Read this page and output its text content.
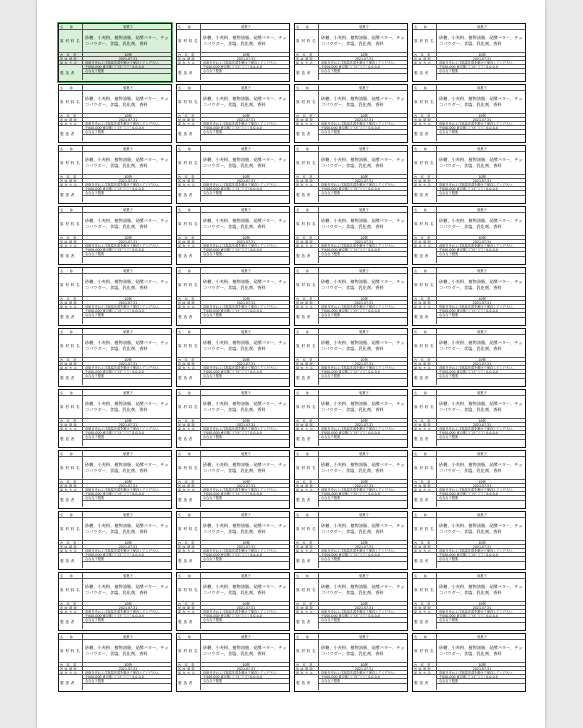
名　　称	焼菓子
原 材 料 名
砂糖、小麦粉、植物油脂、発酵バター、チョコパウダー、食塩、乳化剤、香料
内　容　量	10個
賞 味 期 限	2021.07.31
保 存 方 法	直射日光および高温多湿を避けて保存してください。
製 造 者
〒000-000 東京都〇〇区〇〇〇 0-0-0-0
ななな下製菓
名　　称	焼菓子
原 材 料 名
砂糖、小麦粉、植物油脂、発酵バター、チョコパウダー、食塩、乳化剤、香料
内　容　量	10個
賞 味 期 限	2021.07.31
保 存 方 法	直射日光および高温多湿を避けて保存してください。
製 造 者
〒000-000 東京都〇〇区〇〇〇 0-0-0-0
ななな下製菓
名　　称	焼菓子
原 材 料 名
砂糖、小麦粉、植物油脂、発酵バター、チョコパウダー、食塩、乳化剤、香料
内　容　量	10個
賞 味 期 限	2021.07.31
保 存 方 法	直射日光および高温多湿を避けて保存してください。
製 造 者
〒000-000 東京都〇〇区〇〇〇 0-0-0-0
ななな下製菓
名　　称	焼菓子
原 材 料 名
砂糖、小麦粉、植物油脂、発酵バター、チョコパウダー、食塩、乳化剤、香料
内　容　量	10個
賞 味 期 限	2021.07.31
保 存 方 法	直射日光および高温多湿を避けて保存してください。
製 造 者
〒000-000 東京都〇〇区〇〇〇 0-0-0-0
ななな下製菓
名　　称	焼菓子
原 材 料 名
砂糖、小麦粉、植物油脂、発酵バター、チョコパウダー、食塩、乳化剤、香料
内　容　量	10個
賞 味 期 限	2021.07.31
保 存 方 法	直射日光および高温多湿を避けて保存してください。
製 造 者
〒000-000 東京都〇〇区〇〇〇 0-0-0-0
ななな下製菓
名　　称	焼菓子
原 材 料 名
砂糖、小麦粉、植物油脂、発酵バター、チョコパウダー、食塩、乳化剤、香料
内　容　量	10個
賞 味 期 限	2021.07.31
保 存 方 法	直射日光および高温多湿を避けて保存してください。
製 造 者
〒000-000 東京都〇〇区〇〇〇 0-0-0-0
ななな下製菓
名　　称	焼菓子
原 材 料 名
砂糖、小麦粉、植物油脂、発酵バター、チョコパウダー、食塩、乳化剤、香料
内　容　量	10個
賞 味 期 限	2021.07.31
保 存 方 法	直射日光および高温多湿を避けて保存してください。
製 造 者
〒000-000 東京都〇〇区〇〇〇 0-0-0-0
ななな下製菓
名　　称	焼菓子
原 材 料 名
砂糖、小麦粉、植物油脂、発酵バター、チョコパウダー、食塩、乳化剤、香料
内　容　量	10個
賞 味 期 限	2021.07.31
保 存 方 法	直射日光および高温多湿を避けて保存してください。
製 造 者
〒000-000 東京都〇〇区〇〇〇 0-0-0-0
ななな下製菓
名　　称	焼菓子
原 材 料 名
砂糖、小麦粉、植物油脂、発酵バター、チョコパウダー、食塩、乳化剤、香料
内　容　量	10個
賞 味 期 限	2021.07.31
保 存 方 法	直射日光および高温多湿を避けて保存してください。
製 造 者
〒000-000 東京都〇〇区〇〇〇 0-0-0-0
ななな下製菓
名　　称	焼菓子
原 材 料 名
砂糖、小麦粉、植物油脂、発酵バター、チョコパウダー、食塩、乳化剤、香料
内　容　量	10個
賞 味 期 限	2021.07.31
保 存 方 法	直射日光および高温多湿を避けて保存してください。
製 造 者
〒000-000 東京都〇〇区〇〇〇 0-0-0-0
ななな下製菓
名　　称	焼菓子
原 材 料 名
砂糖、小麦粉、植物油脂、発酵バター、チョコパウダー、食塩、乳化剤、香料
内　容　量	10個
賞 味 期 限	2021.07.31
保 存 方 法	直射日光および高温多湿を避けて保存してください。
製 造 者
〒000-000 東京都〇〇区〇〇〇 0-0-0-0
ななな下製菓
名　　称	焼菓子
原 材 料 名
砂糖、小麦粉、植物油脂、発酵バター、チョコパウダー、食塩、乳化剤、香料
内　容　量	10個
賞 味 期 限	2021.07.31
保 存 方 法	直射日光および高温多湿を避けて保存してください。
製 造 者
〒000-000 東京都〇〇区〇〇〇 0-0-0-0
ななな下製菓
名　　称	焼菓子
原 材 料 名
砂糖、小麦粉、植物油脂、発酵バター、チョコパウダー、食塩、乳化剤、香料
内　容　量	10個
賞 味 期 限	2021.07.31
保 存 方 法	直射日光および高温多湿を避けて保存してください。
製 造 者
〒000-000 東京都〇〇区〇〇〇 0-0-0-0
ななな下製菓
名　　称	焼菓子
原 材 料 名
砂糖、小麦粉、植物油脂、発酵バター、チョコパウダー、食塩、乳化剤、香料
内　容　量	10個
賞 味 期 限	2021.07.31
保 存 方 法	直射日光および高温多湿を避けて保存してください。
製 造 者
〒000-000 東京都〇〇区〇〇〇 0-0-0-0
ななな下製菓
名　　称	焼菓子
原 材 料 名
砂糖、小麦粉、植物油脂、発酵バター、チョコパウダー、食塩、乳化剤、香料
内　容　量	10個
賞 味 期 限	2021.07.31
保 存 方 法	直射日光および高温多湿を避けて保存してください。
製 造 者
〒000-000 東京都〇〇区〇〇〇 0-0-0-0
ななな下製菓
名　　称	焼菓子
原 材 料 名
砂糖、小麦粉、植物油脂、発酵バター、チョコパウダー、食塩、乳化剤、香料
内　容　量	10個
賞 味 期 限	2021.07.31
保 存 方 法	直射日光および高温多湿を避けて保存してください。
製 造 者
〒000-000 東京都〇〇区〇〇〇 0-0-0-0
ななな下製菓
名　　称	焼菓子
原 材 料 名
砂糖、小麦粉、植物油脂、発酵バター、チョコパウダー、食塩、乳化剤、香料
内　容　量	10個
賞 味 期 限	2021.07.31
保 存 方 法	直射日光および高温多湿を避けて保存してください。
製 造 者
〒000-000 東京都〇〇区〇〇〇 0-0-0-0
ななな下製菓
名　　称	焼菓子
原 材 料 名
砂糖、小麦粉、植物油脂、発酵バター、チョコパウダー、食塩、乳化剤、香料
内　容　量	10個
賞 味 期 限	2021.07.31
保 存 方 法	直射日光および高温多湿を避けて保存してください。
製 造 者
〒000-000 東京都〇〇区〇〇〇 0-0-0-0
ななな下製菓
名　　称	焼菓子
原 材 料 名
砂糖、小麦粉、植物油脂、発酵バター、チョコパウダー、食塩、乳化剤、香料
内　容　量	10個
賞 味 期 限	2021.07.31
保 存 方 法	直射日光および高温多湿を避けて保存してください。
製 造 者
〒000-000 東京都〇〇区〇〇〇 0-0-0-0
ななな下製菓
名　　称	焼菓子
原 材 料 名
砂糖、小麦粉、植物油脂、発酵バター、チョコパウダー、食塩、乳化剤、香料
内　容　量	10個
賞 味 期 限	2021.07.31
保 存 方 法	直射日光および高温多湿を避けて保存してください。
製 造 者
〒000-000 東京都〇〇区〇〇〇 0-0-0-0
ななな下製菓
名　　称	焼菓子
原 材 料 名
砂糖、小麦粉、植物油脂、発酵バター、チョコパウダー、食塩、乳化剤、香料
内　容　量	10個
賞 味 期 限	2021.07.31
保 存 方 法	直射日光および高温多湿を避けて保存してください。
製 造 者
〒000-000 東京都〇〇区〇〇〇 0-0-0-0
ななな下製菓
名　　称	焼菓子
原 材 料 名
砂糖、小麦粉、植物油脂、発酵バター、チョコパウダー、食塩、乳化剤、香料
内　容　量	10個
賞 味 期 限	2021.07.31
保 存 方 法	直射日光および高温多湿を避けて保存してください。
製 造 者
〒000-000 東京都〇〇区〇〇〇 0-0-0-0
ななな下製菓
名　　称	焼菓子
原 材 料 名
砂糖、小麦粉、植物油脂、発酵バター、チョコパウダー、食塩、乳化剤、香料
内　容　量	10個
賞 味 期 限	2021.07.31
保 存 方 法	直射日光および高温多湿を避けて保存してください。
製 造 者
〒000-000 東京都〇〇区〇〇〇 0-0-0-0
ななな下製菓
名　　称	焼菓子
原 材 料 名
砂糖、小麦粉、植物油脂、発酵バター、チョコパウダー、食塩、乳化剤、香料
内　容　量	10個
賞 味 期 限	2021.07.31
保 存 方 法	直射日光および高温多湿を避けて保存してください。
製 造 者
〒000-000 東京都〇〇区〇〇〇 0-0-0-0
ななな下製菓
名　　称	焼菓子
原 材 料 名
砂糖、小麦粉、植物油脂、発酵バター、チョコパウダー、食塩、乳化剤、香料
内　容　量	10個
賞 味 期 限	2021.07.31
保 存 方 法	直射日光および高温多湿を避けて保存してください。
製 造 者
〒000-000 東京都〇〇区〇〇〇 0-0-0-0
ななな下製菓
名　　称	焼菓子
原 材 料 名
砂糖、小麦粉、植物油脂、発酵バター、チョコパウダー、食塩、乳化剤、香料
内　容　量	10個
賞 味 期 限	2021.07.31
保 存 方 法	直射日光および高温多湿を避けて保存してください。
製 造 者
〒000-000 東京都〇〇区〇〇〇 0-0-0-0
ななな下製菓
名　　称	焼菓子
原 材 料 名
砂糖、小麦粉、植物油脂、発酵バター、チョコパウダー、食塩、乳化剤、香料
内　容　量	10個
賞 味 期 限	2021.07.31
保 存 方 法	直射日光および高温多湿を避けて保存してください。
製 造 者
〒000-000 東京都〇〇区〇〇〇 0-0-0-0
ななな下製菓
名　　称	焼菓子
原 材 料 名
砂糖、小麦粉、植物油脂、発酵バター、チョコパウダー、食塩、乳化剤、香料
内　容　量	10個
賞 味 期 限	2021.07.31
保 存 方 法	直射日光および高温多湿を避けて保存してください。
製 造 者
〒000-000 東京都〇〇区〇〇〇 0-0-0-0
ななな下製菓
名　　称	焼菓子
原 材 料 名
砂糖、小麦粉、植物油脂、発酵バター、チョコパウダー、食塩、乳化剤、香料
内　容　量	10個
賞 味 期 限	2021.07.31
保 存 方 法	直射日光および高温多湿を避けて保存してください。
製 造 者
〒000-000 東京都〇〇区〇〇〇 0-0-0-0
ななな下製菓
名　　称	焼菓子
原 材 料 名
砂糖、小麦粉、植物油脂、発酵バター、チョコパウダー、食塩、乳化剤、香料
内　容　量	10個
賞 味 期 限	2021.07.31
保 存 方 法	直射日光および高温多湿を避けて保存してください。
製 造 者
〒000-000 東京都〇〇区〇〇〇 0-0-0-0
ななな下製菓
名　　称	焼菓子
原 材 料 名
砂糖、小麦粉、植物油脂、発酵バター、チョコパウダー、食塩、乳化剤、香料
内　容　量	10個
賞 味 期 限	2021.07.31
保 存 方 法	直射日光および高温多湿を避けて保存してください。
製 造 者
〒000-000 東京都〇〇区〇〇〇 0-0-0-0
ななな下製菓
名　　称	焼菓子
原 材 料 名
砂糖、小麦粉、植物油脂、発酵バター、チョコパウダー、食塩、乳化剤、香料
内　容　量	10個
賞 味 期 限	2021.07.31
保 存 方 法	直射日光および高温多湿を避けて保存してください。
製 造 者
〒000-000 東京都〇〇区〇〇〇 0-0-0-0
ななな下製菓
名　　称	焼菓子
原 材 料 名
砂糖、小麦粉、植物油脂、発酵バター、チョコパウダー、食塩、乳化剤、香料
内　容　量	10個
賞 味 期 限	2021.07.31
保 存 方 法	直射日光および高温多湿を避けて保存してください。
製 造 者
〒000-000 東京都〇〇区〇〇〇 0-0-0-0
ななな下製菓
名　　称	焼菓子
原 材 料 名
砂糖、小麦粉、植物油脂、発酵バター、チョコパウダー、食塩、乳化剤、香料
内　容　量	10個
賞 味 期 限	2021.07.31
保 存 方 法	直射日光および高温多湿を避けて保存してください。
製 造 者
〒000-000 東京都〇〇区〇〇〇 0-0-0-0
ななな下製菓
名　　称	焼菓子
原 材 料 名
砂糖、小麦粉、植物油脂、発酵バター、チョコパウダー、食塩、乳化剤、香料
内　容　量	10個
賞 味 期 限	2021.07.31
保 存 方 法	直射日光および高温多湿を避けて保存してください。
製 造 者
〒000-000 東京都〇〇区〇〇〇 0-0-0-0
ななな下製菓
名　　称	焼菓子
原 材 料 名
砂糖、小麦粉、植物油脂、発酵バター、チョコパウダー、食塩、乳化剤、香料
内　容　量	10個
賞 味 期 限	2021.07.31
保 存 方 法	直射日光および高温多湿を避けて保存してください。
製 造 者
〒000-000 東京都〇〇区〇〇〇 0-0-0-0
ななな下製菓
名　　称	焼菓子
原 材 料 名
砂糖、小麦粉、植物油脂、発酵バター、チョコパウダー、食塩、乳化剤、香料
内　容　量	10個
賞 味 期 限	2021.07.31
保 存 方 法	直射日光および高温多湿を避けて保存してください。
製 造 者
〒000-000 東京都〇〇区〇〇〇 0-0-0-0
ななな下製菓
名　　称	焼菓子
原 材 料 名
砂糖、小麦粉、植物油脂、発酵バター、チョコパウダー、食塩、乳化剤、香料
内　容　量	10個
賞 味 期 限	2021.07.31
保 存 方 法	直射日光および高温多湿を避けて保存してください。
製 造 者
〒000-000 東京都〇〇区〇〇〇 0-0-0-0
ななな下製菓
名　　称	焼菓子
原 材 料 名
砂糖、小麦粉、植物油脂、発酵バター、チョコパウダー、食塩、乳化剤、香料
内　容　量	10個
賞 味 期 限	2021.07.31
保 存 方 法	直射日光および高温多湿を避けて保存してください。
製 造 者
〒000-000 東京都〇〇区〇〇〇 0-0-0-0
ななな下製菓
名　　称	焼菓子
原 材 料 名
砂糖、小麦粉、植物油脂、発酵バター、チョコパウダー、食塩、乳化剤、香料
内　容　量	10個
賞 味 期 限	2021.07.31
保 存 方 法	直射日光および高温多湿を避けて保存してください。
製 造 者
〒000-000 東京都〇〇区〇〇〇 0-0-0-0
ななな下製菓
名　　称	焼菓子
原 材 料 名
砂糖、小麦粉、植物油脂、発酵バター、チョコパウダー、食塩、乳化剤、香料
内　容　量	10個
賞 味 期 限	2021.07.31
保 存 方 法	直射日光および高温多湿を避けて保存してください。
製 造 者
〒000-000 東京都〇〇区〇〇〇 0-0-0-0
ななな下製菓
名　　称	焼菓子
原 材 料 名
砂糖、小麦粉、植物油脂、発酵バター、チョコパウダー、食塩、乳化剤、香料
内　容　量	10個
賞 味 期 限	2021.07.31
保 存 方 法	直射日光および高温多湿を避けて保存してください。
製 造 者
〒000-000 東京都〇〇区〇〇〇 0-0-0-0
ななな下製菓
名　　称	焼菓子
原 材 料 名
砂糖、小麦粉、植物油脂、発酵バター、チョコパウダー、食塩、乳化剤、香料
内　容　量	10個
賞 味 期 限	2021.07.31
保 存 方 法	直射日光および高温多湿を避けて保存してください。
製 造 者
〒000-000 東京都〇〇区〇〇〇 0-0-0-0
ななな下製菓
名　　称	焼菓子
原 材 料 名
砂糖、小麦粉、植物油脂、発酵バター、チョコパウダー、食塩、乳化剤、香料
内　容　量	10個
賞 味 期 限	2021.07.31
保 存 方 法	直射日光および高温多湿を避けて保存してください。
製 造 者
〒000-000 東京都〇〇区〇〇〇 0-0-0-0
ななな下製菓
